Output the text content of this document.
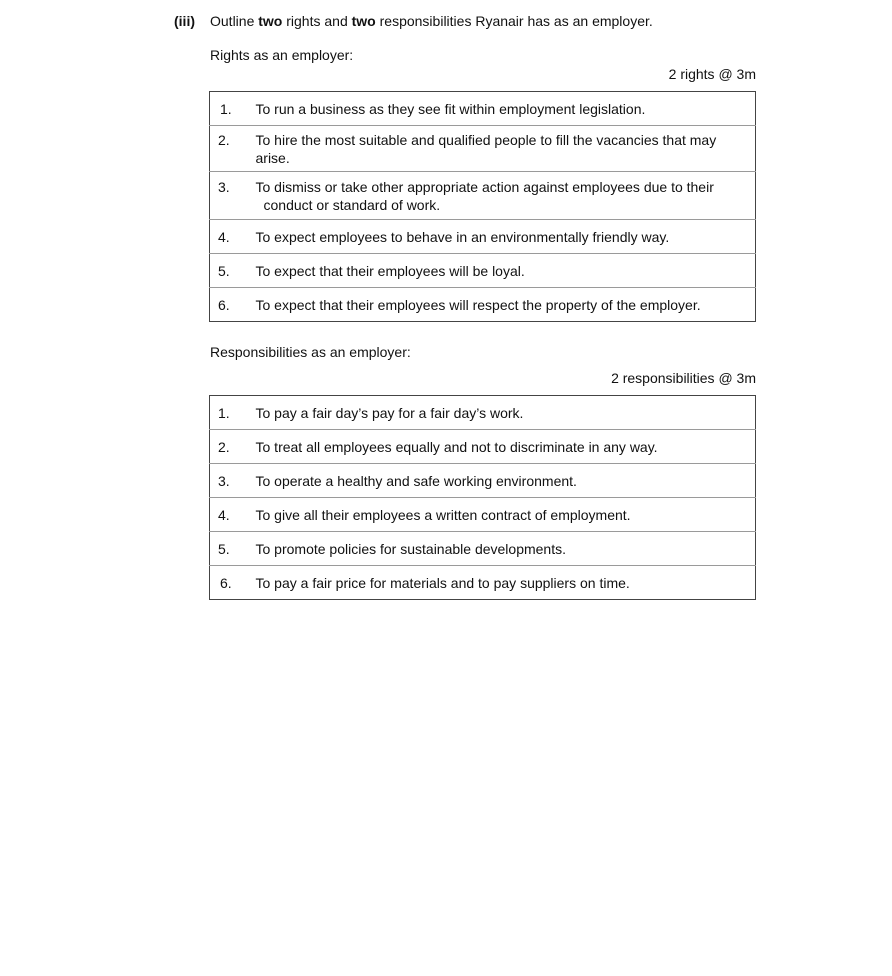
(iii) Outline two rights and two responsibilities Ryanair has as an employer.
Rights as an employer:
2 rights @ 3m
1.	To run a business as they see fit within employment legislation.

2.	To hire the most suitable and qualified people to fill the vacancies that may arise.

3.	To dismiss or take other appropriate action against employees due to their
conduct or standard of work.

4.	To expect employees to behave in an environmentally friendly way.

5.	To expect that their employees will be loyal.

6.	To expect that their employees will respect the property of the employer.
Responsibilities as an employer:
2 responsibilities @ 3m
1.	To pay a fair day’s pay for a fair day’s work.

2.	To treat all employees equally and not to discriminate in any way.

3.	To operate a healthy and safe working environment.

4.	To give all their employees a written contract of employment.

5.	To promote policies for sustainable developments.

6.	To pay a fair price for materials and to pay suppliers on time.
